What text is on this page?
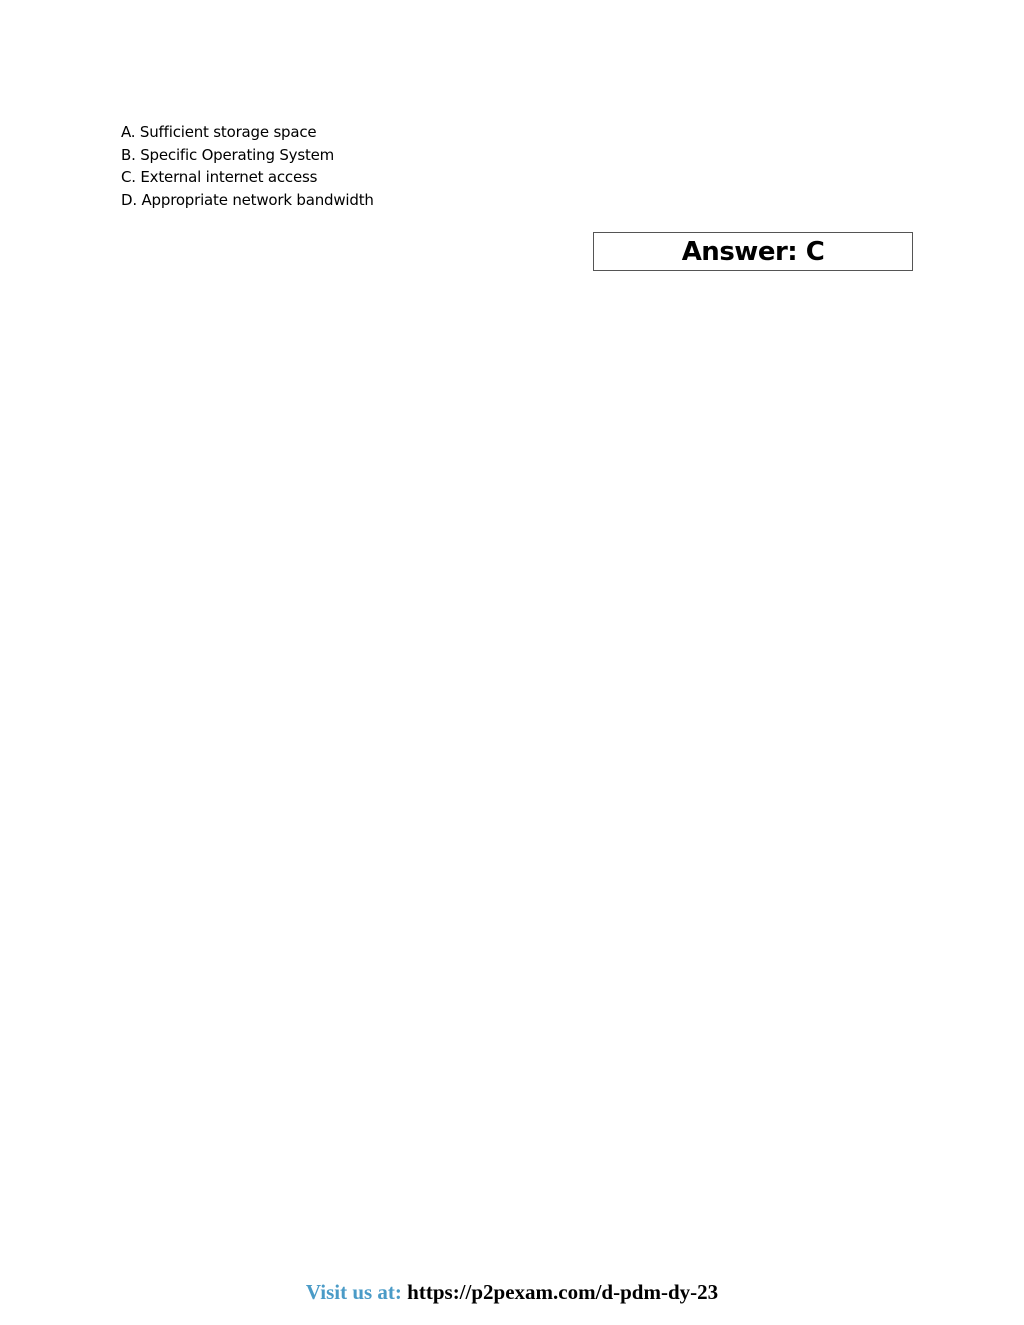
A. Sufficient storage space
B. Specific Operating System
C. External internet access
D. Appropriate network bandwidth
Answer: C
Visit us at: https://p2pexam.com/d-pdm-dy-23
